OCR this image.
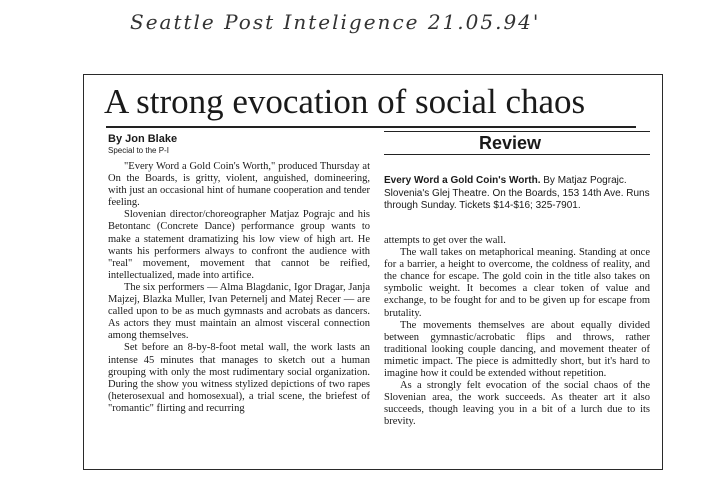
Seattle Post Inteligence 21.05.94'
A strong evocation of social chaos
By Jon Blake
Special to the P-I

"Every Word a Gold Coin's Worth," produced Thursday at On the Boards, is gritty, violent, anguished, domineering, with just an occasional hint of humane cooperation and tender feeling.

Slovenian director/choreographer Matjaz Pograjc and his Betontanc (Concrete Dance) performance group wants to make a statement dramatizing his low view of high art. He wants his performers always to confront the audience with "real" movement, movement that cannot be reified, intellectualized, made into artifice.

The six performers — Alma Blagdanic, Igor Dragar, Janja Majzej, Blazka Muller, Ivan Peternelj and Matej Recer — are called upon to be as much gymnasts and acrobats as dancers. As actors they must maintain an almost visceral connection among themselves.

Set before an 8-by-8-foot metal wall, the work lasts an intense 45 minutes that manages to sketch out a human grouping with only the most rudimentary social organization. During the show you witness stylized depictions of two rapes (heterosexual and homosexual), a trial scene, the briefest of "romantic" flirting and recurring

Review
Every Word a Gold Coin's Worth. By Matjaz Pograjc. Slovenia's Glej Theatre. On the Boards, 153 14th Ave. Runs through Sunday. Tickets $14-$16; 325-7901.

attempts to get over the wall.

The wall takes on metaphorical meaning. Standing at once for a barrier, a height to overcome, the coldness of reality, and the chance for escape. The gold coin in the title also takes on symbolic weight. It becomes a clear token of value and exchange, to be fought for and to be given up for escape from brutality.

The movements themselves are about equally divided between gymnastic/acrobatic flips and throws, rather traditional looking couple dancing, and movement theater of mimetic impact. The piece is admittedly short, but it's hard to imagine how it could be extended without repetition.

As a strongly felt evocation of the social chaos of the Slovenian area, the work succeeds. As theater art it also succeeds, though leaving you in a bit of a lurch due to its brevity.
